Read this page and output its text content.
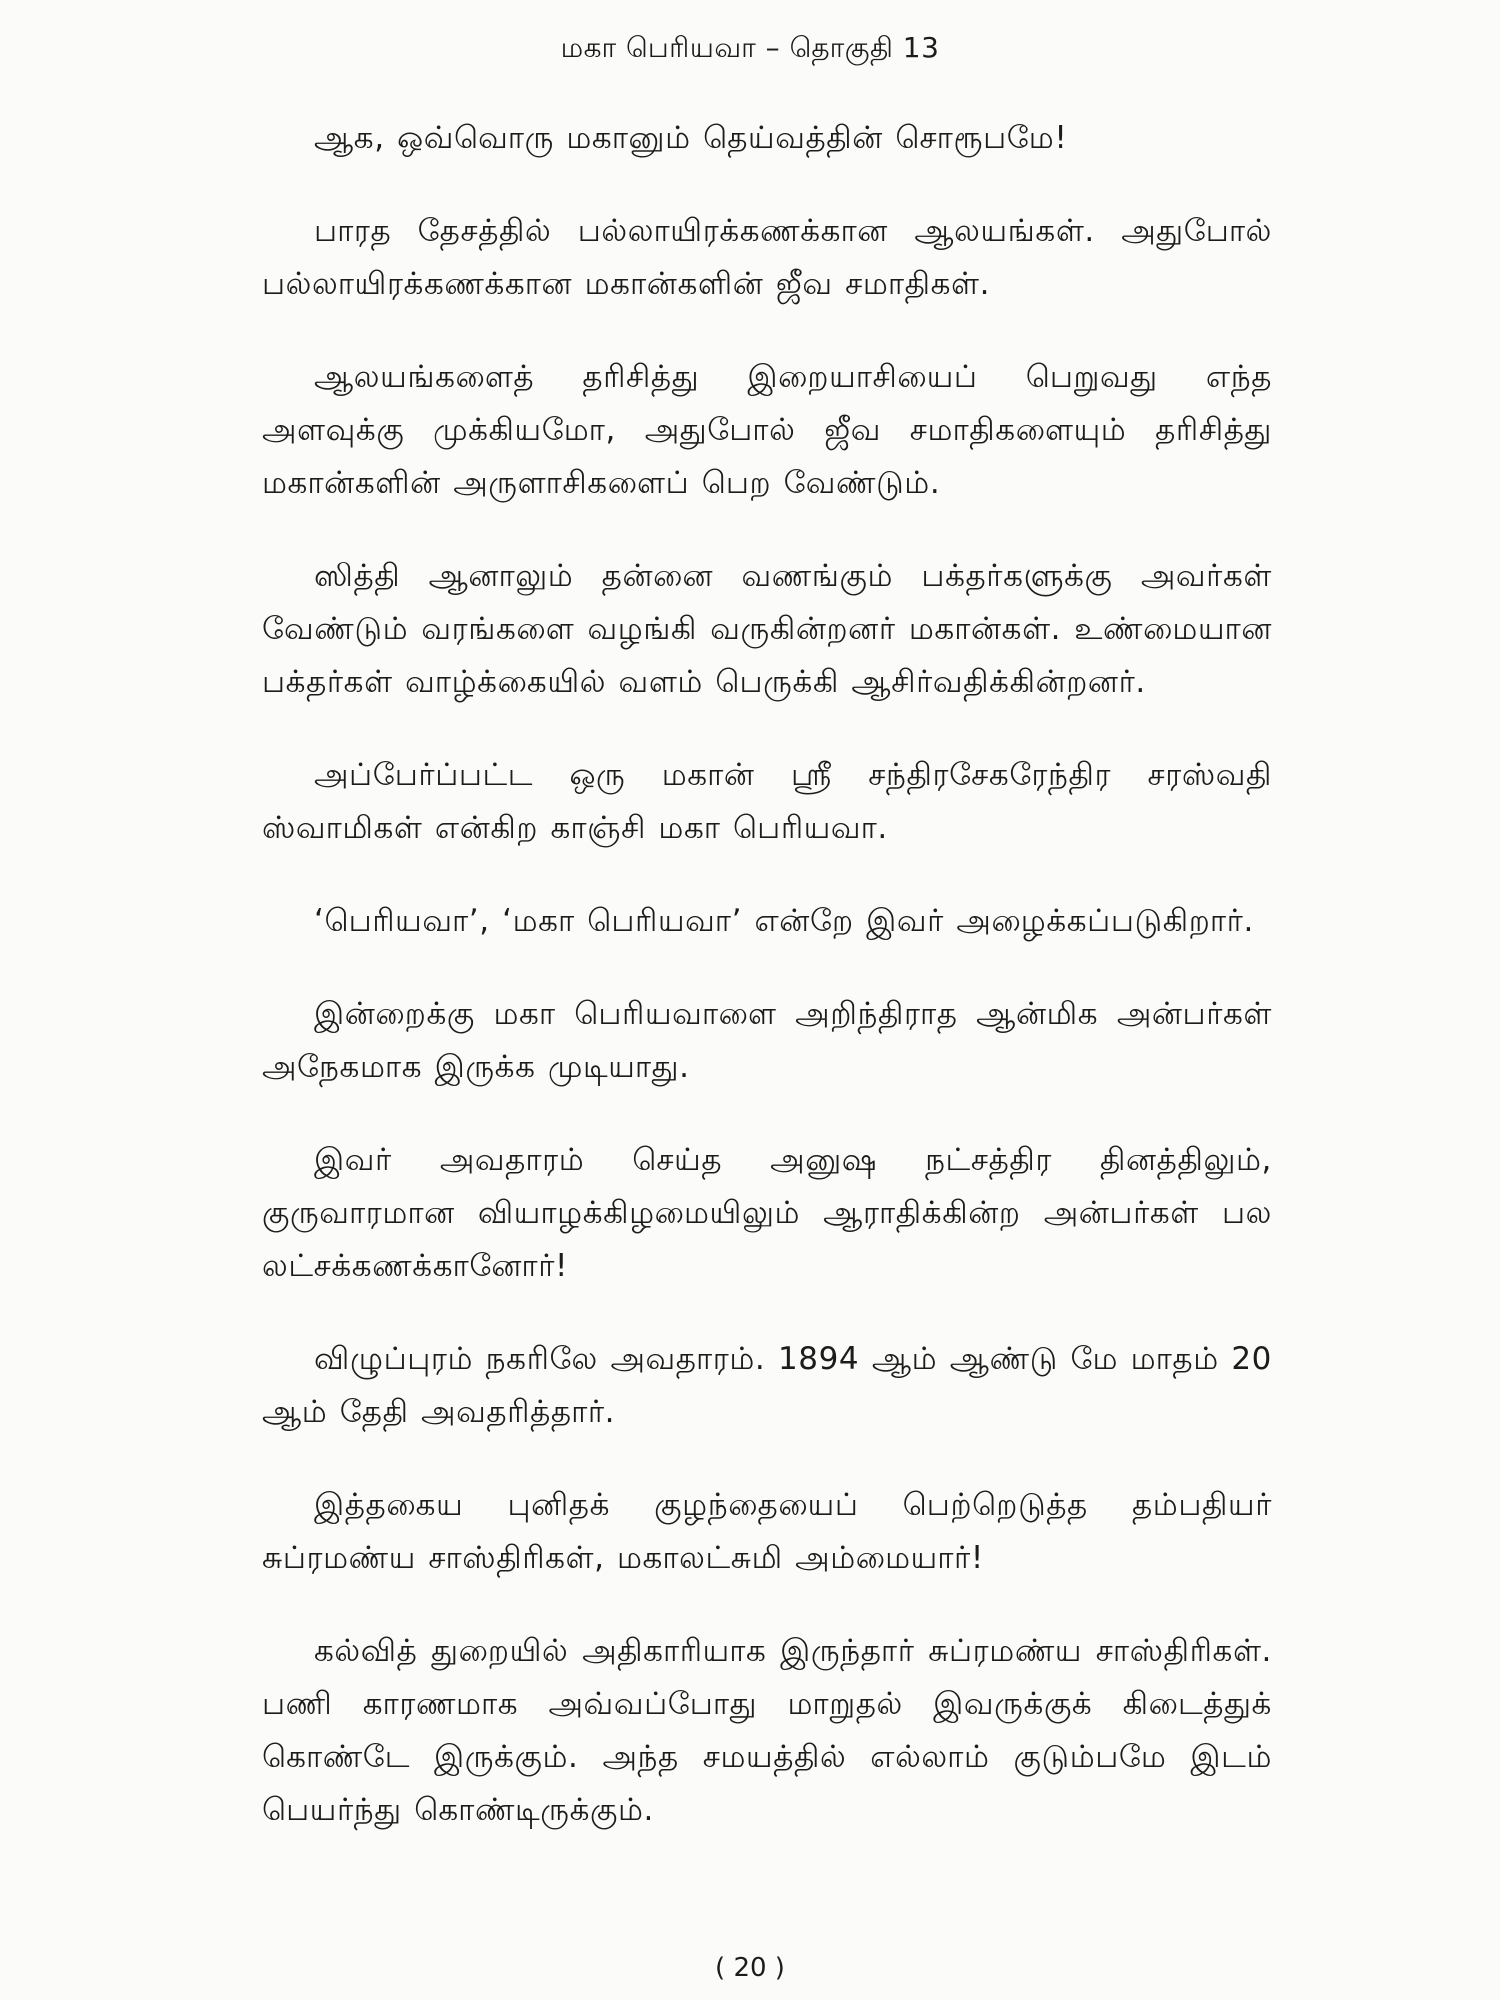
மகா பெரியவா – தொகுதி 13

ஆக, ஒவ்வொரு மகானும் தெய்வத்தின் சொரூபமே!

பாரத தேசத்தில் பல்லாயிரக்கணக்கான ஆலயங்கள். அதுபோல் பல்லாயிரக்கணக்கான மகான்களின் ஜீவ சமாதிகள்.

ஆலயங்களைத் தரிசித்து இறையாசியைப் பெறுவது எந்த அளவுக்கு முக்கியமோ, அதுபோல் ஜீவ சமாதிகளையும் தரிசித்து மகான்களின் அருளாசிகளைப் பெற வேண்டும்.

ஸித்தி ஆனாலும் தன்னை வணங்கும் பக்தர்களுக்கு அவர்கள் வேண்டும் வரங்களை வழங்கி வருகின்றனர் மகான்கள். உண்மையான பக்தர்கள் வாழ்க்கையில் வளம் பெருக்கி ஆசிர்வதிக்கின்றனர்.

அப்பேர்ப்பட்ட ஒரு மகான் ஸ்ரீ சந்திரசேகரேந்திர சரஸ்வதி ஸ்வாமிகள் என்கிற காஞ்சி மகா பெரியவா.

‘பெரியவா’, ‘மகா பெரியவா’ என்றே இவர் அழைக்கப்படுகிறார்.

இன்றைக்கு மகா பெரியவாளை அறிந்திராத ஆன்மிக அன்பர்கள் அநேகமாக இருக்க முடியாது.

இவர் அவதாரம் செய்த அனுஷ நட்சத்திர தினத்திலும், குருவாரமான வியாழக்கிழமையிலும் ஆராதிக்கின்ற அன்பர்கள் பல லட்சக்கணக்கானோர்!

விழுப்புரம் நகரிலே அவதாரம். 1894 ஆம் ஆண்டு மே மாதம் 20 ஆம் தேதி அவதரித்தார்.

இத்தகைய புனிதக் குழந்தையைப் பெற்றெடுத்த தம்பதியர் சுப்ரமண்ய சாஸ்திரிகள், மகாலட்சுமி அம்மையார்!

கல்வித் துறையில் அதிகாரியாக இருந்தார் சுப்ரமண்ய சாஸ்திரிகள். பணி காரணமாக அவ்வப்போது மாறுதல் இவருக்குக் கிடைத்துக் கொண்டே இருக்கும். அந்த சமயத்தில் எல்லாம் குடும்பமே இடம் பெயர்ந்து கொண்டிருக்கும்.

( 20 )
